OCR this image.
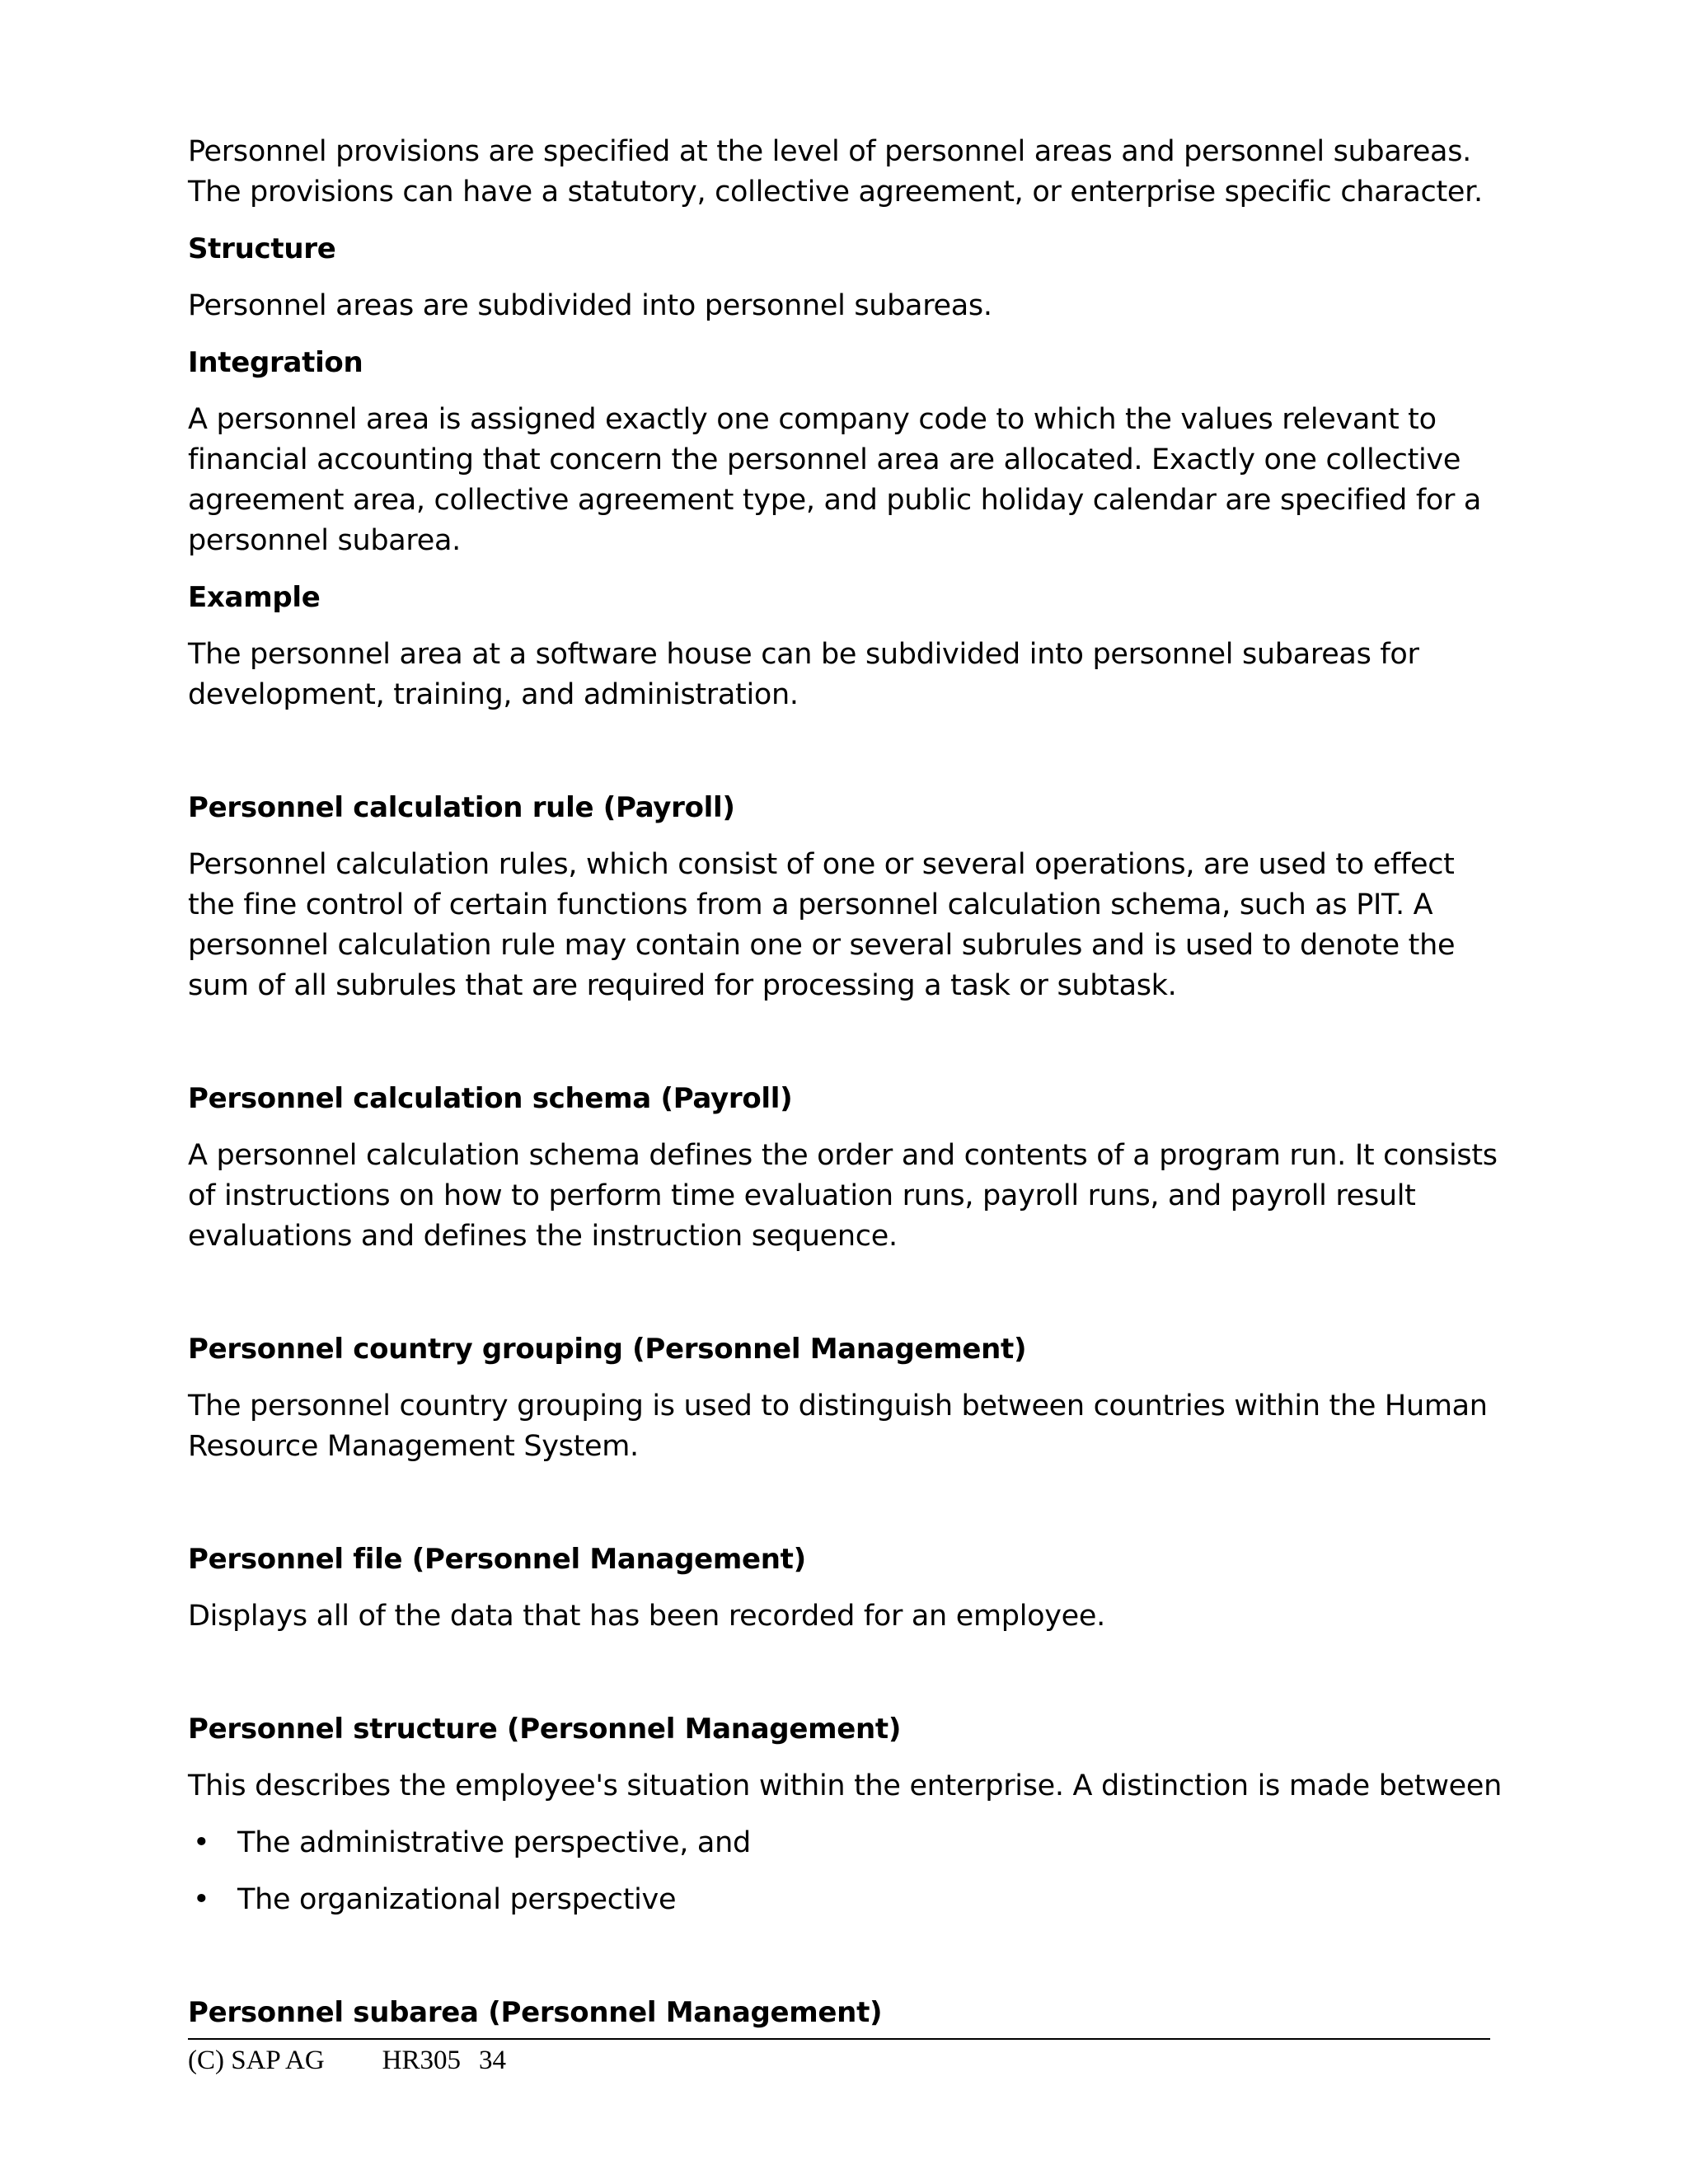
Personnel provisions are specified at the level of personnel areas and personnel subareas. The provisions can have a statutory, collective agreement, or enterprise specific character.

Structure

Personnel areas are subdivided into personnel subareas.

Integration

A personnel area is assigned exactly one company code to which the values relevant to financial accounting that concern the personnel area are allocated. Exactly one collective agreement area, collective agreement type, and public holiday calendar are specified for a personnel subarea.

Example

The personnel area at a software house can be subdivided into personnel subareas for development, training, and administration.

Personnel calculation rule (Payroll)

Personnel calculation rules, which consist of one or several operations, are used to effect the fine control of certain functions from a personnel calculation schema, such as PIT. A personnel calculation rule may contain one or several subrules and is used to denote the sum of all subrules that are required for processing a task or subtask.

Personnel calculation schema (Payroll)

A personnel calculation schema defines the order and contents of a program run. It consists of instructions on how to perform time evaluation runs, payroll runs, and payroll result evaluations and defines the instruction sequence.

Personnel country grouping (Personnel Management)

The personnel country grouping is used to distinguish between countries within the Human Resource Management System.

Personnel file (Personnel Management)

Displays all of the data that has been recorded for an employee.

Personnel structure (Personnel Management)

This describes the employee's situation within the enterprise. A distinction is made between

• The administrative perspective, and
• The organizational perspective

Personnel subarea (Personnel Management)

(C) SAP AG HR305 34
